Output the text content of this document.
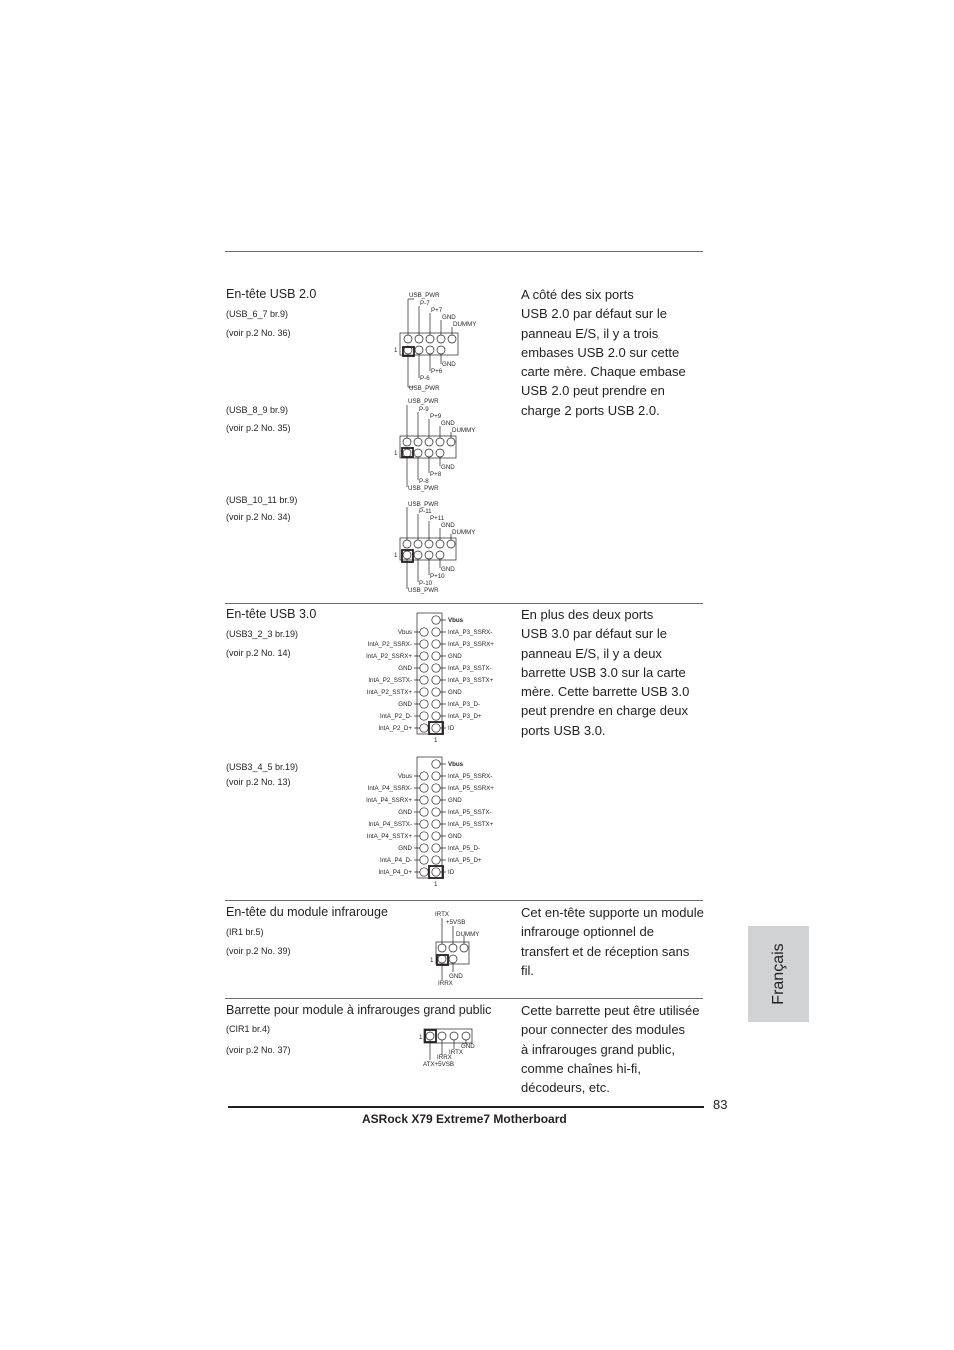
En-tête USB 2.0
(USB_6_7 br.9)
(voir p.2 No. 36)
(USB_8_9 br.9)
(voir p.2 No. 35)
(USB_10_11 br.9)
(voir p.2 No. 34)
USB_PWR
P-7
P+7
GND
DUMMY
1
GND
P+6
P-6
USB_PWR
USB_PWR
P-9
P+9
GND
DUMMY
1
GND
P+8
P-8
USB_PWR
USB_PWR
P-11
P+11
GND
DUMMY
1
GND
P+10
P-10
USB_PWR
A côté des six ports
USB 2.0 par défaut sur le
panneau E/S, il y a trois
embases USB 2.0 sur cette
carte mère. Chaque embase
USB 2.0 peut prendre en
charge 2 ports USB 2.0.
En-tête USB 3.0
(USB3_2_3 br.19)
(voir p.2 No. 14)
(USB3_4_5 br.19)
(voir p.2 No. 13)
Vbus
Vbus
IntA_P2_SSRX-
IntA_P2_SSRX+
GND
IntA_P2_SSTX-
IntA_P2_SSTX+
GND
IntA_P2_D-
IntA_P2_D+
IntA_P3_SSRX-
IntA_P3_SSRX+
GND
IntA_P3_SSTX-
IntA_P3_SSTX+
GND
IntA_P3_D-
IntA_P3_D+
ID
1
Vbus
Vbus
IntA_P4_SSRX-
IntA_P4_SSRX+
GND
IntA_P4_SSTX-
IntA_P4_SSTX+
GND
IntA_P4_D-
IntA_P4_D+
IntA_P5_SSRX-
IntA_P5_SSRX+
GND
IntA_P5_SSTX-
IntA_P5_SSTX+
GND
IntA_P5_D-
IntA_P5_D+
ID
1
En plus des deux ports
USB 3.0 par défaut sur le
panneau E/S, il y a deux
barrette USB 3.0 sur la carte
mère. Cette barrette USB 3.0
peut prendre en charge deux
ports USB 3.0.
En-tête du module infrarouge
(IR1 br.5)
(voir p.2 No. 39)
IRTX
+5VSB
DUMMY
1
GND
IRRX
Cet en-tête supporte un module
infrarouge optionnel de
transfert et de réception sans
fil.
Barrette pour module à infrarouges grand public
(CIR1 br.4)
(voir p.2 No. 37)
1
GND
IRTX
IRRX
ATX+5VSB
Cette barrette peut être utilisée
pour connecter des modules
à infrarouges grand public,
comme chaînes hi-fi,
décodeurs, etc.
Français
ASRock X79 Extreme7 Motherboard
83
